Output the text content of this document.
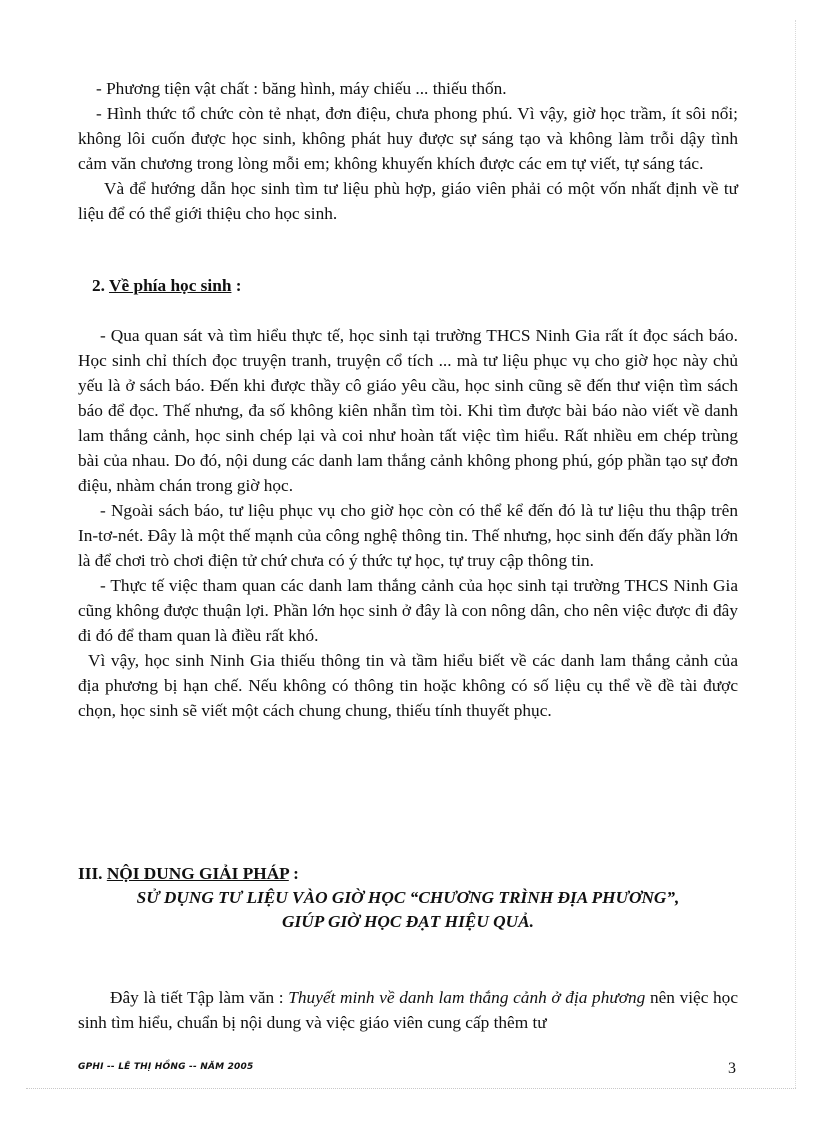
- Phương tiện vật chất : băng hình, máy chiếu ... thiếu thốn.

- Hình thức tổ chức còn tẻ nhạt, đơn điệu, chưa phong phú. Vì vậy, giờ học trầm, ít sôi nổi; không lôi cuốn được học sinh, không phát huy được sự sáng tạo và không làm trỗi dậy tình cảm văn chương trong lòng mỗi em; không khuyến khích được các em tự viết, tự sáng tác.

Và để hướng dẫn học sinh tìm tư liệu phù hợp, giáo viên phải có một vốn nhất định về tư liệu để có thể giới thiệu cho học sinh.

2. Về phía học sinh :

- Qua quan sát và tìm hiểu thực tế, học sinh tại trường THCS Ninh Gia rất ít đọc sách báo. Học sinh chỉ thích đọc truyện tranh, truyện cổ tích ... mà tư liệu phục vụ cho giờ học này chủ yếu là ở sách báo. Đến khi được thầy cô giáo yêu cầu, học sinh cũng sẽ đến thư viện tìm sách báo để đọc. Thế nhưng, đa số không kiên nhẫn tìm tòi. Khi tìm được bài báo nào viết về danh lam thắng cảnh, học sinh chép lại và coi như hoàn tất việc tìm hiểu. Rất nhiều em chép trùng bài của nhau. Do đó, nội dung các danh lam thắng cảnh không phong phú, góp phần tạo sự đơn điệu, nhàm chán trong giờ học.

- Ngoài sách báo, tư liệu phục vụ cho giờ học còn có thể kể đến đó là tư liệu thu thập trên In-tơ-nét. Đây là một thế mạnh của công nghệ thông tin. Thế nhưng, học sinh đến đấy phần lớn là để chơi trò chơi điện tử chứ chưa có ý thức tự học, tự truy cập thông tin.

- Thực tế việc tham quan các danh lam thắng cảnh của học sinh tại trường THCS Ninh Gia cũng không được thuận lợi. Phần lớn học sinh ở đây là con nông dân, cho nên việc được đi đây đi đó để tham quan là điều rất khó.

Vì vậy, học sinh Ninh Gia thiếu thông tin và tầm hiểu biết về các danh lam thắng cảnh của địa phương bị hạn chế. Nếu không có thông tin hoặc không có số liệu cụ thể về đề tài được chọn, học sinh sẽ viết một cách chung chung, thiếu tính thuyết phục.

III. NỘI DUNG GIẢI PHÁP :
SỬ DỤNG TƯ LIỆU VÀO GIỜ HỌC “CHƯƠNG TRÌNH ĐỊA PHƯƠNG”,
GIÚP GIỜ HỌC ĐẠT HIỆU QUẢ.

Đây là tiết Tập làm văn : Thuyết minh về danh lam thắng cảnh ở địa phương nên việc học sinh tìm hiểu, chuẩn bị nội dung và việc giáo viên cung cấp thêm tư

GPHI -- LÊ THỊ HỒNG -- NĂM 2005	3
